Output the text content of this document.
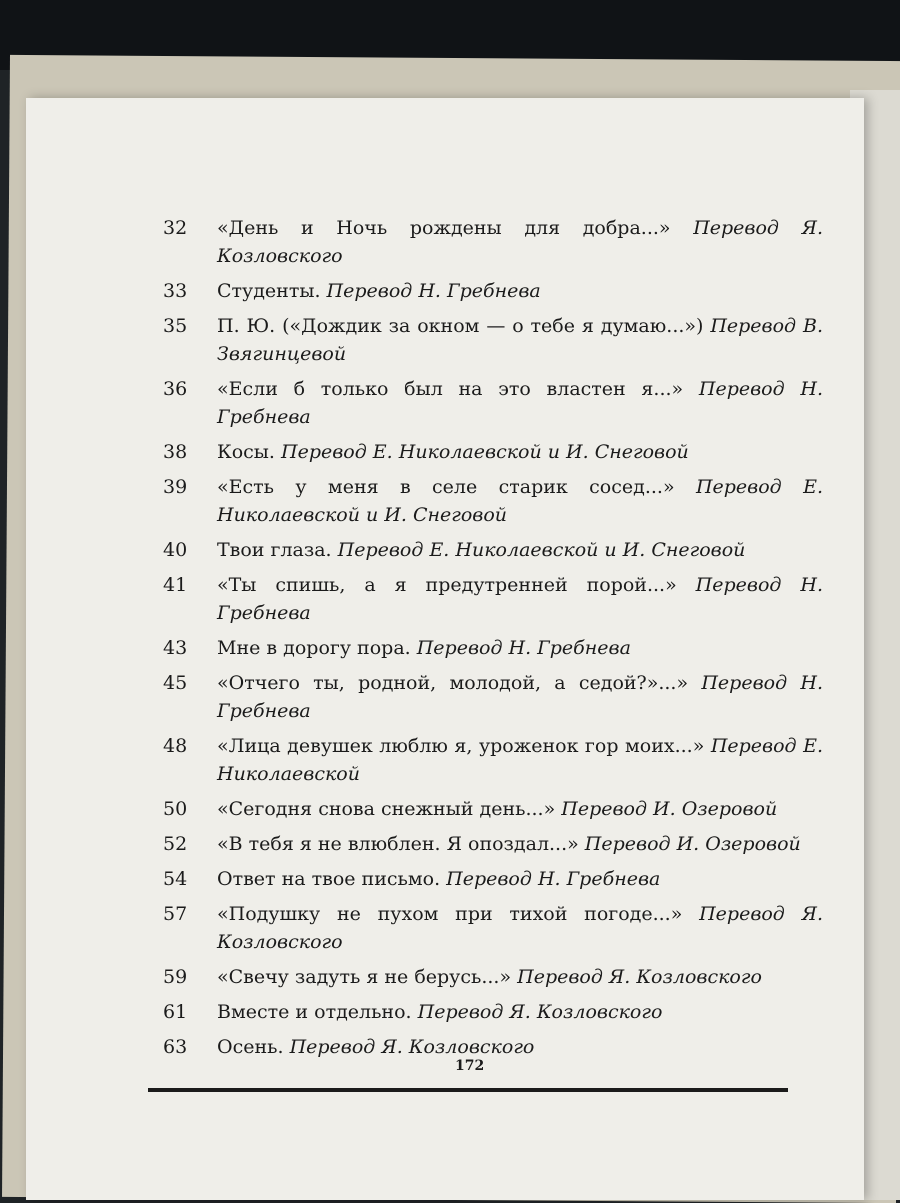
32	«День и Ночь рождены для добра...» Перевод Я. Козловского
33	Студенты. Перевод Н. Гребнева
35	П. Ю. («Дождик за окном — о тебе я думаю...») Перевод В. Звягинцевой
36	«Если б только был на это властен я...» Перевод Н. Гребнева
38	Косы. Перевод Е. Николаевской и И. Снеговой
39	«Есть у меня в селе старик сосед...» Перевод Е. Николаевской и И. Снеговой
40	Твои глаза. Перевод Е. Николаевской и И. Снеговой
41	«Ты спишь, а я предутренней порой...» Перевод Н. Гребнева
43	Мне в дорогу пора. Перевод Н. Гребнева
45	«Отчего ты, родной, молодой, а седой?»...» Перевод Н. Гребнева
48	«Лица девушек люблю я, уроженок гор моих...» Перевод Е. Николаевской
50	«Сегодня снова снежный день...» Перевод И. Озеровой
52	«В тебя я не влюблен. Я опоздал...» Перевод И. Озеровой
54	Ответ на твое письмо. Перевод Н. Гребнева
57	«Подушку не пухом при тихой погоде...» Перевод Я. Козловского
59	«Свечу задуть я не берусь...» Перевод Я. Козловского
61	Вместе и отдельно. Перевод Я. Козловского
63	Осень. Перевод Я. Козловского
172
